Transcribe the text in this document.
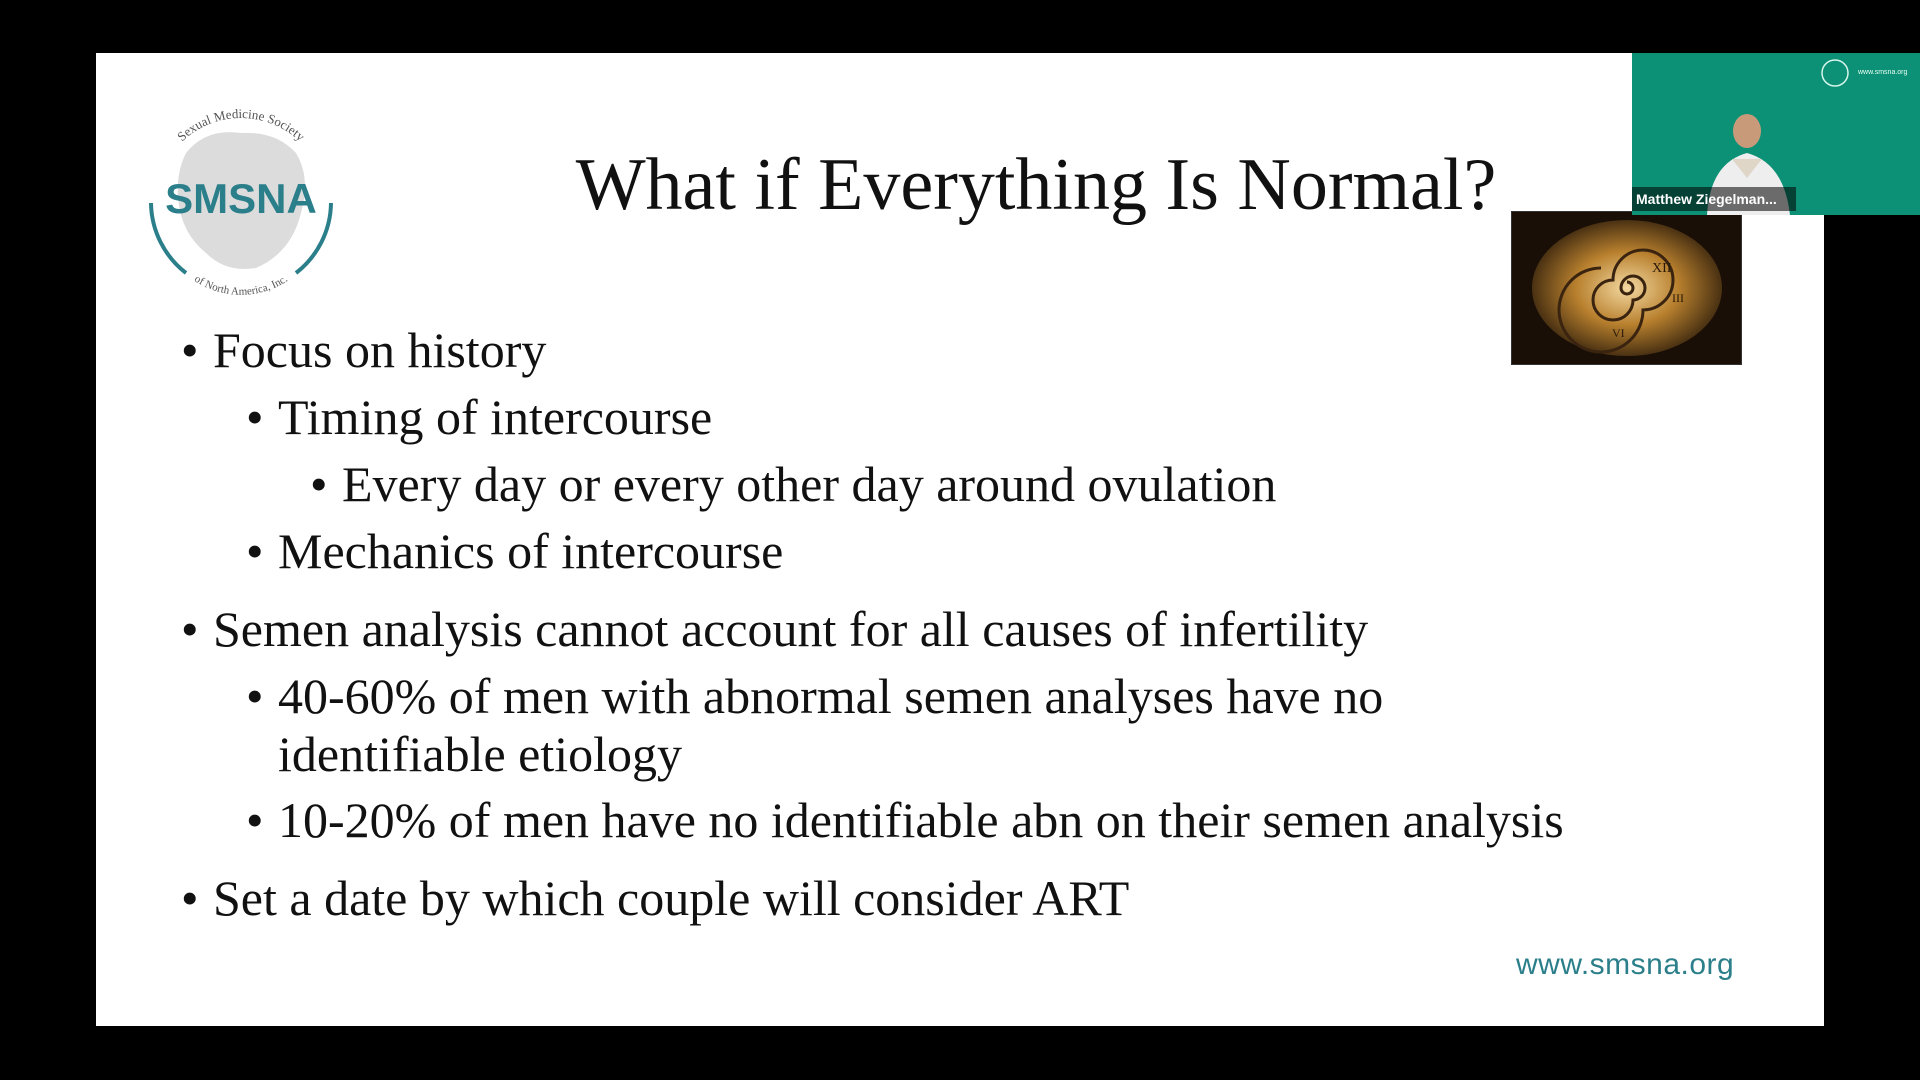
Sexual Medicine Society
SMSNA
of North America, Inc.
What if Everything Is Normal?
XII
III
VI
• Focus on history
• Timing of intercourse
• Every day or every other day around ovulation
• Mechanics of intercourse
• Semen analysis cannot account for all causes of infertility
• 40-60% of men with abnormal semen analyses have no
identifiable etiology
• 10-20% of men have no identifiable abn on their semen analysis
• Set a date by which couple will consider ART
www.smsna.org
www.smsna.org
Matthew Ziegelman...
